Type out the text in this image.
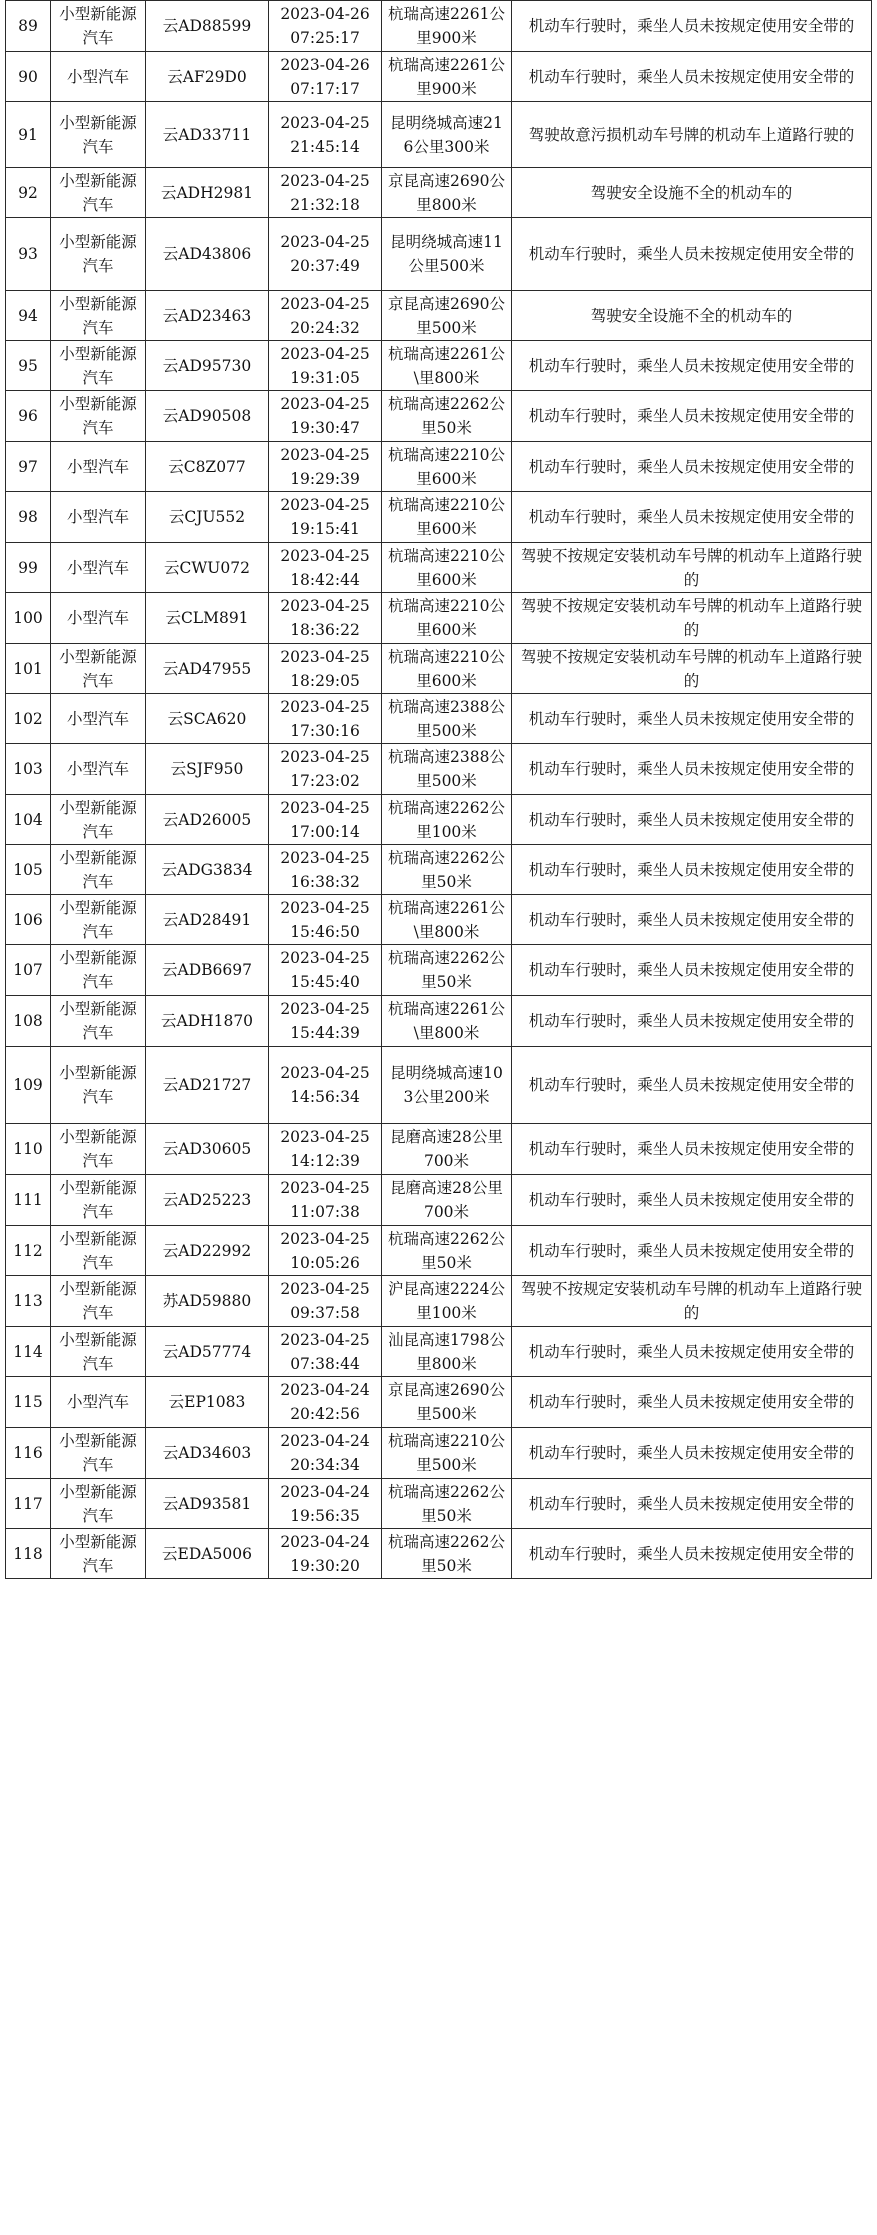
89	小型新能源汽车	云AD88599	2023-04-26 07:25:17	杭瑞高速2261公里900米	机动车行驶时，乘坐人员未按规定使用安全带的

90	小型汽车	云AF29D0	2023-04-26 07:17:17	杭瑞高速2261公里900米	机动车行驶时，乘坐人员未按规定使用安全带的

91	小型新能源汽车	云AD33711	2023-04-25 21:45:14	昆明绕城高速216公里300米	驾驶故意污损机动车号牌的机动车上道路行驶的

92	小型新能源汽车	云ADH2981	2023-04-25 21:32:18	京昆高速2690公里800米	驾驶安全设施不全的机动车的

93	小型新能源汽车	云AD43806	2023-04-25 20:37:49	昆明绕城高速11公里500米	机动车行驶时，乘坐人员未按规定使用安全带的

94	小型新能源汽车	云AD23463	2023-04-25 20:24:32	京昆高速2690公里500米	驾驶安全设施不全的机动车的

95	小型新能源汽车	云AD95730	2023-04-25 19:31:05	杭瑞高速2261公\里800米	机动车行驶时，乘坐人员未按规定使用安全带的

96	小型新能源汽车	云AD90508	2023-04-25 19:30:47	杭瑞高速2262公里50米	机动车行驶时，乘坐人员未按规定使用安全带的

97	小型汽车	云C8Z077	2023-04-25 19:29:39	杭瑞高速2210公里600米	机动车行驶时，乘坐人员未按规定使用安全带的

98	小型汽车	云CJU552	2023-04-25 19:15:41	杭瑞高速2210公里600米	机动车行驶时，乘坐人员未按规定使用安全带的

99	小型汽车	云CWU072	2023-04-25 18:42:44	杭瑞高速2210公里600米	驾驶不按规定安装机动车号牌的机动车上道路行驶的

100	小型汽车	云CLM891	2023-04-25 18:36:22	杭瑞高速2210公里600米	驾驶不按规定安装机动车号牌的机动车上道路行驶的

101	小型新能源汽车	云AD47955	2023-04-25 18:29:05	杭瑞高速2210公里600米	驾驶不按规定安装机动车号牌的机动车上道路行驶的

102	小型汽车	云SCA620	2023-04-25 17:30:16	杭瑞高速2388公里500米	机动车行驶时，乘坐人员未按规定使用安全带的

103	小型汽车	云SJF950	2023-04-25 17:23:02	杭瑞高速2388公里500米	机动车行驶时，乘坐人员未按规定使用安全带的

104	小型新能源汽车	云AD26005	2023-04-25 17:00:14	杭瑞高速2262公里100米	机动车行驶时，乘坐人员未按规定使用安全带的

105	小型新能源汽车	云ADG3834	2023-04-25 16:38:32	杭瑞高速2262公里50米	机动车行驶时，乘坐人员未按规定使用安全带的

106	小型新能源汽车	云AD28491	2023-04-25 15:46:50	杭瑞高速2261公\里800米	机动车行驶时，乘坐人员未按规定使用安全带的

107	小型新能源汽车	云ADB6697	2023-04-25 15:45:40	杭瑞高速2262公里50米	机动车行驶时，乘坐人员未按规定使用安全带的

108	小型新能源汽车	云ADH1870	2023-04-25 15:44:39	杭瑞高速2261公\里800米	机动车行驶时，乘坐人员未按规定使用安全带的

109	小型新能源汽车	云AD21727	2023-04-25 14:56:34	昆明绕城高速103公里200米	机动车行驶时，乘坐人员未按规定使用安全带的

110	小型新能源汽车	云AD30605	2023-04-25 14:12:39	昆磨高速28公里700米	机动车行驶时，乘坐人员未按规定使用安全带的

111	小型新能源汽车	云AD25223	2023-04-25 11:07:38	昆磨高速28公里700米	机动车行驶时，乘坐人员未按规定使用安全带的

112	小型新能源汽车	云AD22992	2023-04-25 10:05:26	杭瑞高速2262公里50米	机动车行驶时，乘坐人员未按规定使用安全带的

113	小型新能源汽车	苏AD59880	2023-04-25 09:37:58	沪昆高速2224公里100米	驾驶不按规定安装机动车号牌的机动车上道路行驶的

114	小型新能源汽车	云AD57774	2023-04-25 07:38:44	汕昆高速1798公里800米	机动车行驶时，乘坐人员未按规定使用安全带的

115	小型汽车	云EP1083	2023-04-24 20:42:56	京昆高速2690公里500米	机动车行驶时，乘坐人员未按规定使用安全带的

116	小型新能源汽车	云AD34603	2023-04-24 20:34:34	杭瑞高速2210公里500米	机动车行驶时，乘坐人员未按规定使用安全带的

117	小型新能源汽车	云AD93581	2023-04-24 19:56:35	杭瑞高速2262公里50米	机动车行驶时，乘坐人员未按规定使用安全带的

118	小型新能源汽车	云EDA5006	2023-04-24 19:30:20	杭瑞高速2262公里50米	机动车行驶时，乘坐人员未按规定使用安全带的
